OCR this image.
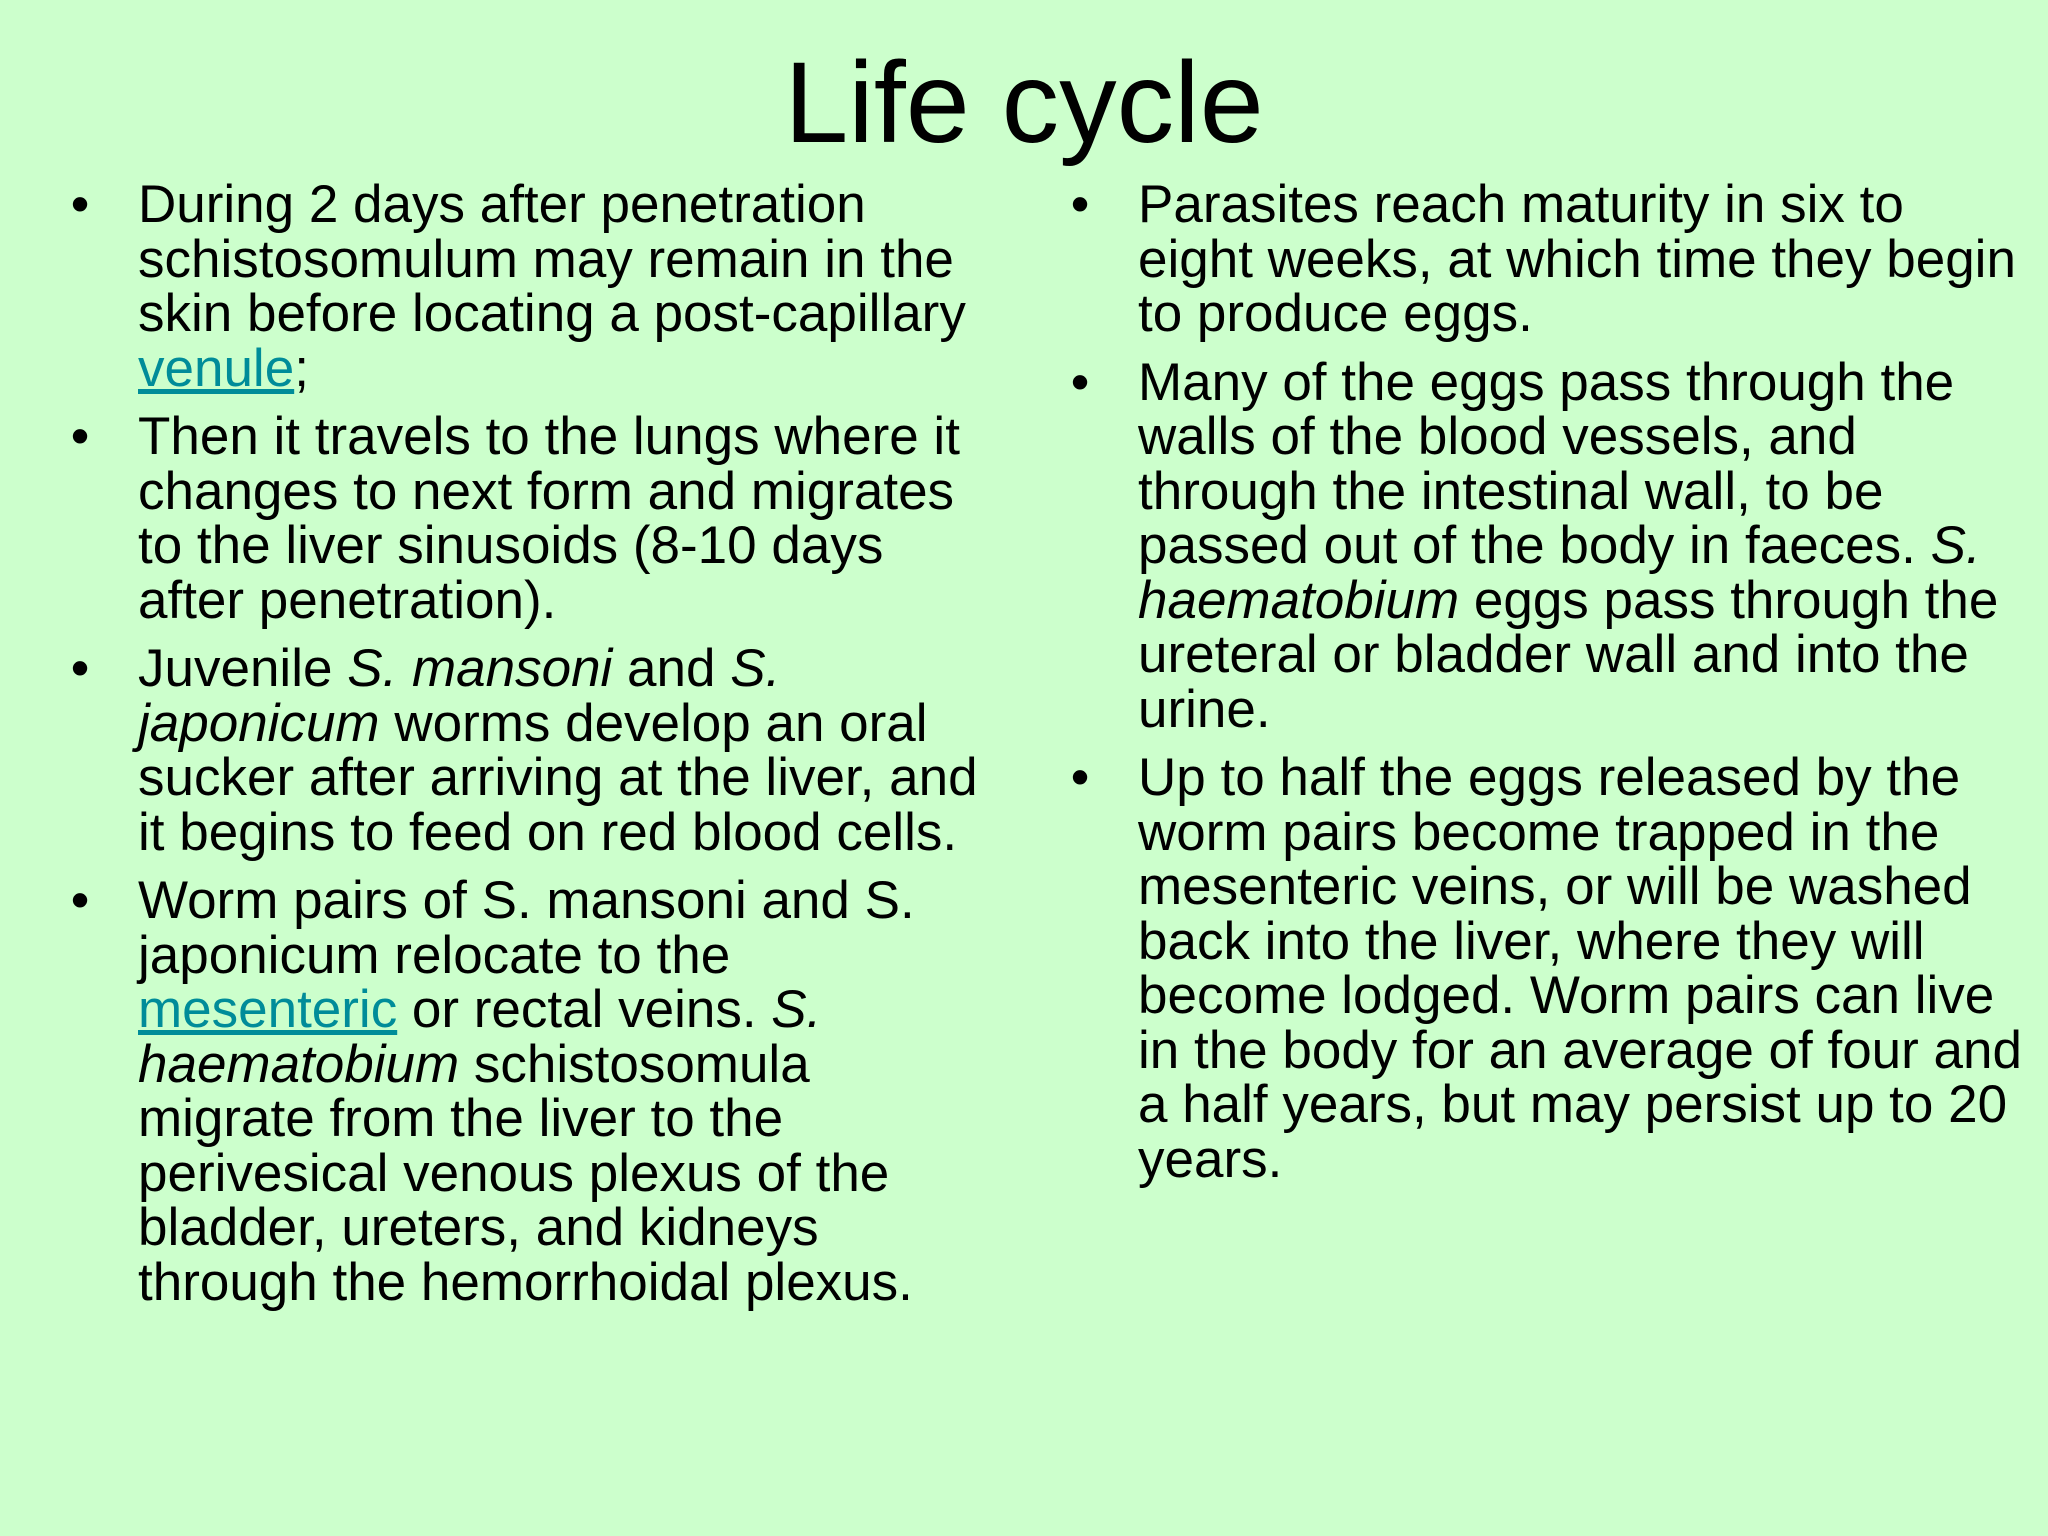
Life cycle
• During 2 days after penetration schistosomulum may remain in the skin before locating a post-capillary venule;
• Then it travels to the lungs where it changes to next form and migrates to the liver sinusoids (8-10 days after penetration).
• Juvenile S. mansoni and S. japonicum worms develop an oral sucker after arriving at the liver, and it begins to feed on red blood cells.
• Worm pairs of S. mansoni and S. japonicum relocate to the mesenteric or rectal veins. S. haematobium schistosomula migrate from the liver to the perivesical venous plexus of the bladder, ureters, and kidneys through the hemorrhoidal plexus.
• Parasites reach maturity in six to eight weeks, at which time they begin to produce eggs.
• Many of the eggs pass through the walls of the blood vessels, and through the intestinal wall, to be passed out of the body in faeces. S. haematobium eggs pass through the ureteral or bladder wall and into the urine.
• Up to half the eggs released by the worm pairs become trapped in the mesenteric veins, or will be washed back into the liver, where they will become lodged. Worm pairs can live in the body for an average of four and a half years, but may persist up to 20 years.
